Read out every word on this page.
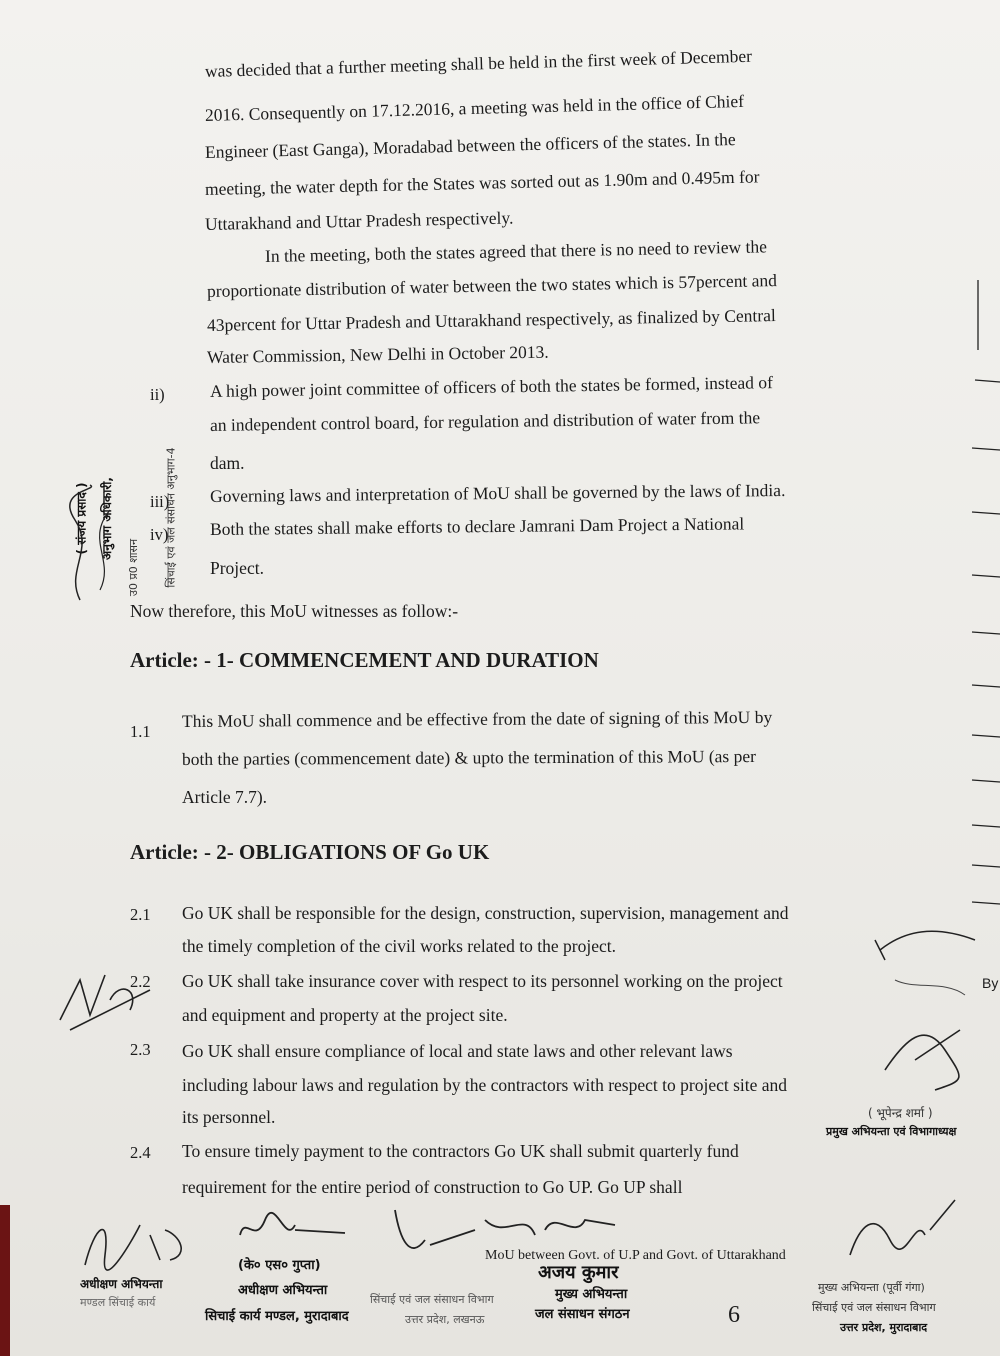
was decided that a further meeting shall be held in the first week of December
2016. Consequently on 17.12.2016, a meeting was held in the office of Chief
Engineer (East Ganga), Moradabad between the officers of the states. In the
meeting, the water depth for the States was sorted out as 1.90m and 0.495m for
Uttarakhand and Uttar Pradesh respectively.
In the meeting, both the states agreed that there is no need to review the
proportionate distribution of water between the two states which is 57percent and
43percent for Uttar Pradesh and Uttarakhand respectively, as finalized by Central
Water Commission, New Delhi in October 2013.
ii)	A high power joint committee of officers of both the states be formed, instead of
an independent control board, for regulation and distribution of water from the
dam.
iii) Governing laws and interpretation of MoU shall be governed by the laws of India.
iv) Both the states shall make efforts to declare Jamrani Dam Project a National
Project.
Now therefore, this MoU witnesses as follow:-
Article: - 1- COMMENCEMENT AND DURATION
1.1
This MoU shall commence and be effective from the date of signing of this MoU by
both the parties (commencement date) & upto the termination of this MoU (as per
Article 7.7).
Article: - 2- OBLIGATIONS OF Go UK
2.1 Go UK shall be responsible for the design, construction, supervision, management and
the timely completion of the civil works related to the project.
2.2 Go UK shall take insurance cover with respect to its personnel working on the project
and equipment and property at the project site.
2.3 Go UK shall ensure compliance of local and state laws and other relevant laws
including labour laws and regulation by the contractors with respect to project site and
its personnel.
2.4 To ensure timely payment to the contractors Go UK shall submit quarterly fund
requirement for the entire period of construction to Go UP. Go UP shall
MoU between Govt. of U.P and Govt. of Uttarakhand
6
By
( संजय प्रसाद ) अनुभाग अधिकारी,	सिंचाई एवं जल संसाधन अनुभाग-4
उ0 प्र0 शासन
( भूपेन्द्र शर्मा )
प्रमुख अभियन्ता एवं विभागाध्यक्ष
अधीक्षण अभियन्ता
मण्डल सिंचाई कार्य
(के० एस० गुप्ता)
अधीक्षण अभियन्ता
सिचाई कार्य मण्डल, मुरादाबाद
अजय कुमार
मुख्य अभियन्ता
सिंचाई एवं जल संसाधन विभाग
जल संसाधन संगठन
उत्तर प्रदेश, लखनऊ
मुख्य अभियन्ता (पूर्वी गंगा)
सिंचाई एवं जल संसाधन विभाग
उत्तर प्रदेश, मुरादाबाद
